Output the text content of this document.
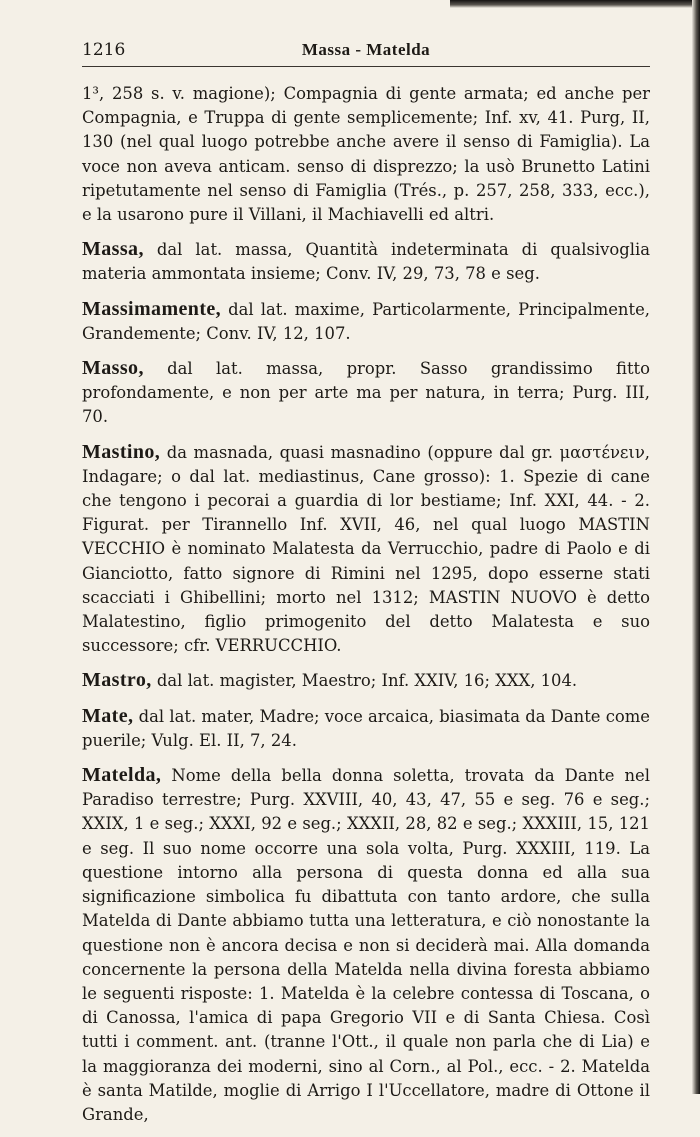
1216	Massa - Matelda

1³, 258 s. v. magione); Compagnia di gente armata; ed anche per Compagnia, e Truppa di gente semplicemente; Inf. xv, 41. Purg, II, 130 (nel qual luogo potrebbe anche avere il senso di Famiglia). La voce non aveva anticam. senso di disprezzo; la usò Brunetto Latini ripetutamente nel senso di Famiglia (Trés., p. 257, 258, 333, ecc.), e la usarono pure il Villani, il Machiavelli ed altri.

Massa, dal lat. massa, Quantità indeterminata di qualsivoglia materia ammontata insieme; Conv. IV, 29, 73, 78 e seg.

Massimamente, dal lat. maxime, Particolarmente, Principalmente, Grandemente; Conv. IV, 12, 107.

Masso, dal lat. massa, propr. Sasso grandissimo fitto profondamente, e non per arte ma per natura, in terra; Purg. III, 70.

Mastino, da masnada, quasi masnadino (oppure dal gr. μαστένειν, Indagare; o dal lat. mediastinus, Cane grosso): 1. Spezie di cane che tengono i pecorai a guardia di lor bestiame; Inf. XXI, 44. - 2. Figurat. per Tirannello Inf. XVII, 46, nel qual luogo MASTIN VECCHIO è nominato Malatesta da Verrucchio, padre di Paolo e di Gianciotto, fatto signore di Rimini nel 1295, dopo esserne stati scacciati i Ghibellini; morto nel 1312; MASTIN NUOVO è detto Malatestino, figlio primogenito del detto Malatesta e suo successore; cfr. VERRUCCHIO.

Mastro, dal lat. magister, Maestro; Inf. XXIV, 16; XXX, 104.

Mate, dal lat. mater, Madre; voce arcaica, biasimata da Dante come puerile; Vulg. El. II, 7, 24.

Matelda, Nome della bella donna soletta, trovata da Dante nel Paradiso terrestre; Purg. XXVIII, 40, 43, 47, 55 e seg. 76 e seg.; XXIX, 1 e seg.; XXXI, 92 e seg.; XXXII, 28, 82 e seg.; XXXIII, 15, 121 e seg. Il suo nome occorre una sola volta, Purg. XXXIII, 119. La questione intorno alla persona di questa donna ed alla sua significazione simbolica fu dibattuta con tanto ardore, che sulla Matelda di Dante abbiamo tutta una letteratura, e ciò nonostante la questione non è ancora decisa e non si deciderà mai. Alla domanda concernente la persona della Matelda nella divina foresta abbiamo le seguenti risposte: 1. Matelda è la celebre contessa di Toscana, o di Canossa, l'amica di papa Gregorio VII e di Santa Chiesa. Così tutti i comment. ant. (tranne l'Ott., il quale non parla che di Lia) e la maggioranza dei moderni, sino al Corn., al Pol., ecc. - 2. Matelda è santa Matilde, moglie di Arrigo I l'Uccellatore, madre di Ottone il Grande,
